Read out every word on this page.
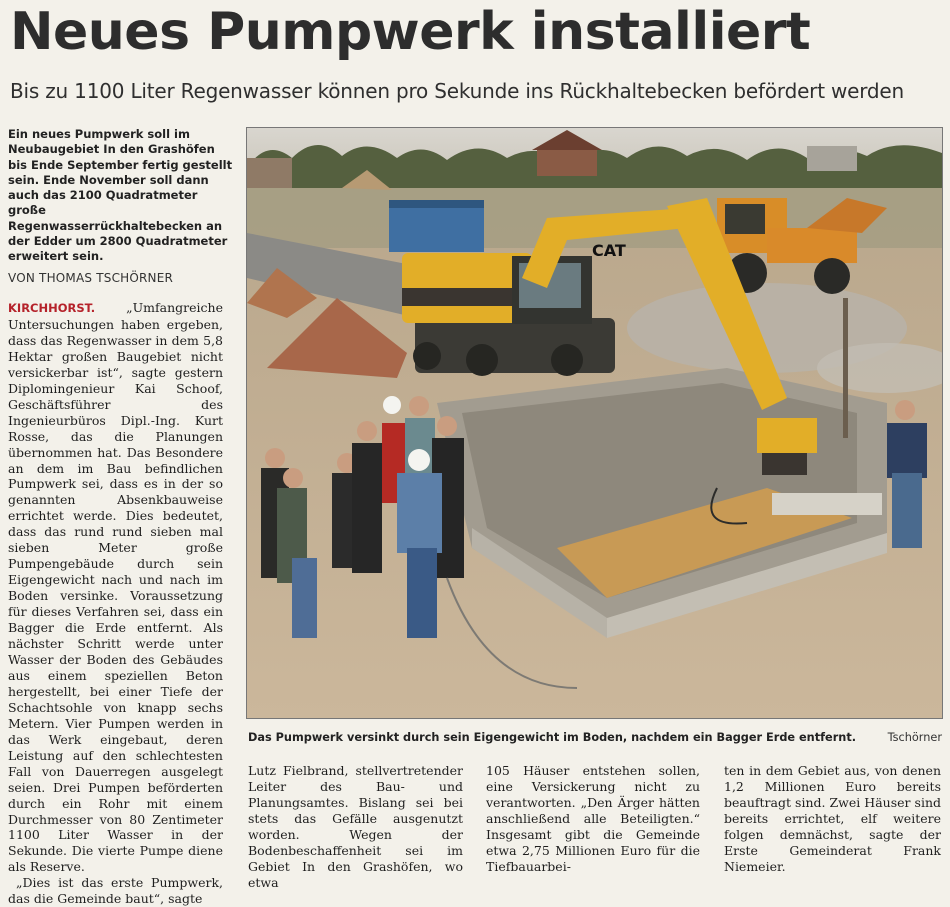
Neues Pumpwerk installiert
Bis zu 1100 Liter Regenwasser können pro Sekunde ins Rückhaltebecken befördert werden
Ein neues Pumpwerk soll im Neubaugebiet In den Grashöfen bis Ende September fertig gestellt sein. Ende November soll dann auch das 2100 Quadratmeter große Regenwasserrückhaltebecken an der Edder um 2800 Quadratmeter erweitert sein.
VON THOMAS TSCHÖRNER

KIRCHHORST. „Umfangreiche Untersuchungen haben ergeben, dass das Regenwasser in dem 5,8 Hektar großen Baugebiet nicht versickerbar ist“, sagte gestern Diplomingenieur Kai Schoof, Geschäftsführer des Ingenieurbüros Dipl.-Ing. Kurt Rosse, das die Planungen übernommen hat. Das Besondere an dem im Bau befindlichen Pumpwerk sei, dass es in der so genannten Absenkbauweise errichtet werde. Dies bedeutet, dass das rund rund sieben mal sieben Meter große Pumpengebäude durch sein Eigengewicht nach und nach im Boden versinke. Voraussetzung für dieses Verfahren sei, dass ein Bagger die Erde entfernt. Als nächster Schritt werde unter Wasser der Boden des Gebäudes aus einem speziellen Beton hergestellt, bei einer Tiefe der Schachtsohle von knapp sechs Metern. Vier Pumpen werden in das Werk eingebaut, deren Leistung auf den schlechtesten Fall von Dauerregen ausgelegt seien. Drei Pumpen beförderten durch ein Rohr mit einem Durchmesser von 80 Zentimeter 1100 Liter Wasser in der Sekunde. Die vierte Pumpe diene als Reserve.

„Dies ist das erste Pumpwerk, das die Gemeinde baut“, sagte

CAT
Das Pumpwerk versinkt durch sein Eigengewicht im Boden, nachdem ein Bagger Erde entfernt.	Tschörner
Lutz Fielbrand, stellvertretender Leiter des Bau- und Planungsamtes. Bislang sei bei stets das Gefälle ausgenutzt worden. Wegen der Bodenbeschaffenheit sei im Gebiet In den Grashöfen, wo etwa
105 Häuser entstehen sollen, eine Versickerung nicht zu verantworten. „Den Ärger hätten anschließend alle Beteiligten.“ Insgesamt gibt die Gemeinde etwa 2,75 Millionen Euro für die Tiefbauarbei-
ten in dem Gebiet aus, von denen 1,2 Millionen Euro bereits beauftragt sind. Zwei Häuser sind bereits errichtet, elf weitere folgen demnächst, sagte der Erste Gemeinderat Frank Niemeier.
